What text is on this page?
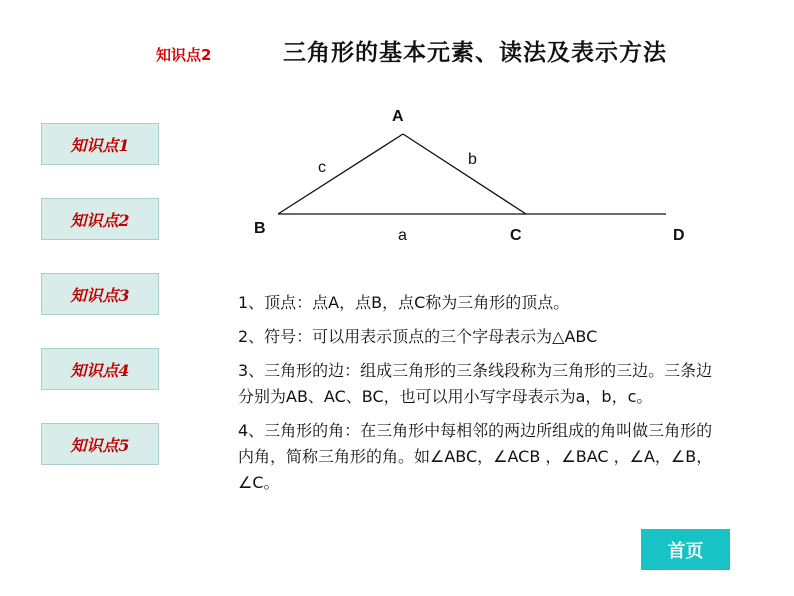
知识点2	三角形的基本元素、读法及表示方法
知识点1
知识点2
知识点3
知识点4
知识点5
A
B	C	D
a
b
c

1、顶点：点A，点B，点C称为三角形的顶点。

2、符号：可以用表示顶点的三个字母表示为△ABC

3、三角形的边：组成三角形的三条线段称为三角形的三边。三条边分别为AB、AC、BC，也可以用小写字母表示为a，b，c。

4、三角形的角：在三角形中每相邻的两边所组成的角叫做三角形的内角，简称三角形的角。如∠ABC，∠ACB ，∠BAC ，∠A，∠B，∠C。

首页
